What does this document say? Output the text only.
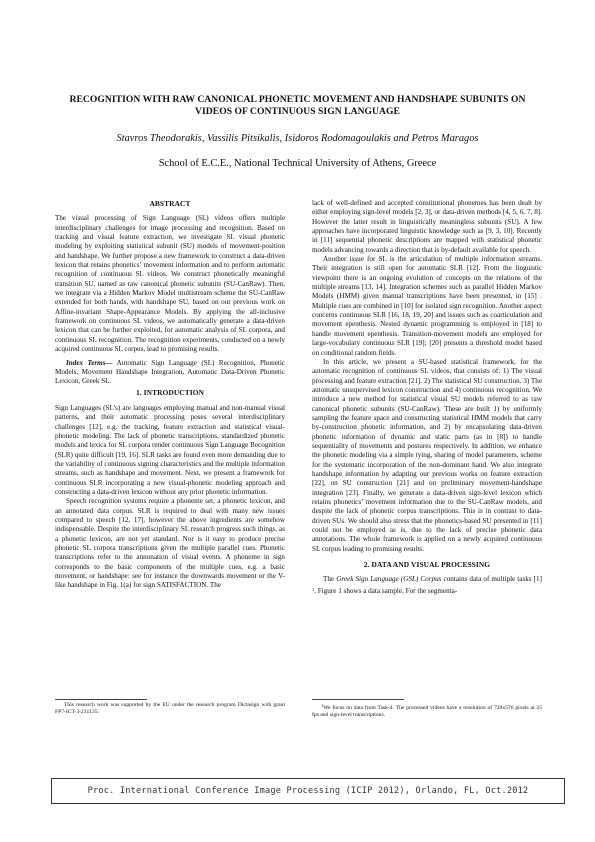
RECOGNITION WITH RAW CANONICAL PHONETIC MOVEMENT AND HANDSHAPE SUBUNITS ON VIDEOS OF CONTINUOUS SIGN LANGUAGE

Stavros Theodorakis, Vassilis Pitsikalis, Isidoros Rodomagoulakis and Petros Maragos

School of E.C.E., National Technical University of Athens, Greece

ABSTRACT

The visual processing of Sign Language (SL) videos offers multiple interdisciplinary challenges for image processing and recognition. Based on tracking and visual feature extraction, we investigate SL visual phonetic modeling by exploiting statistical subunit (SU) models of movement-position and handshape. We further propose a new framework to construct a data-driven lexicon that retains phonetics’ movement information and to perform automatic recognition of continuous SL videos. We construct phonetically meaningful transition SU, named as raw canonical phonetic subunits (SU-CanRaw). Then, we integrate via a Hidden Markov Model multistream scheme the SU-CanRaw extended for both hands, with handshape SU, based on our previous work on Affine-invariant Shape-Appearance Models. By applying the all-inclusive framework on continuous SL videos, we automatically generate a data-driven lexicon that can be further exploited, for automatic analysis of SL corpora, and continuous SL recognition. The recognition experiments, conducted on a newly acquired continuous SL corpus, lead to promising results.

Index Terms— Automatic Sign Language (SL) Recognition, Phonetic Models, Movement Handshape Integration, Automatic Data-Driven Phonetic Lexicon, Greek SL.

1. INTRODUCTION

Sign Languages (SL’s) are languages employing manual and non-manual visual patterns, and their automatic processing poses several interdisciplinary challenges [12], e.g. the tracking, feature extraction and statistical visual-phonetic modeling. The lack of phonetic transcriptions, standardized phonetic models and lexica for SL corpora render continuous Sign Language Recognition (SLR) quite difficult [19, 16]. SLR tasks are found even more demanding due to the variability of continuous signing characteristics and the multiple information streams, such as handshape and movement. Next, we present a framework for continuous SLR incorporating a new visual-phonetic modeling approach and constructing a data-driven lexicon without any prior phonetic information.

Speech recognition systems require a phoneme set, a phonetic lexicon, and an annotated data corpus. SLR is required to deal with many new issues compared to speech [12, 17], however the above ingredients are somehow indispensable. Despite the interdisciplinary SL research progress such things, as a phonetic lexicon, are not yet standard. Nor is it easy to produce precise phonetic SL corpora transcriptions given the multiple parallel cues. Phonetic transcriptions refer to the annonation of visual events. A phoneme in sign corresponds to the basic components of the multiple cues, e.g. a basic movement, or handshape: see for instance the downwards movement or the V-like handshape in Fig. 1(a) for sign SATISFACTION. The

lack of well-defined and accepted constitutional phonemes has been dealt by either employing sign-level models [2, 3], or data-driven methods [4, 5, 6, 7, 8]. However the latter result in linguistically meaningless subunits (SU). A few approaches have incorporated linguistic knowledge such as [9, 3, 10]. Recently in [11] sequential phonetic descriptions are mapped with statistical phonetic models advancing towards a direction that is by-default available for speech.

Another issue for SL is the articulation of multiple information streams. Their integration is still open for automatic SLR [12]. From the linguistic viewpoint there is an ongoing evolution of concepts on the relations of the multiple streams [13, 14]. Integration schemes such as parallel Hidden Markov Models (HMM) given manual transcriptions have been presented, in [15] . Multiple cues are combined in [10] for isolated sign recognition. Another aspect concerns continuous SLR [16, 18, 19, 20] and issues such as coarticulation and movement epenthesis. Nested dynamic programming is employed in [18] to handle movement epenthesis. Transition-movement models are employed for large-vocabulary continuous SLR [19]; [20] presents a threshold model based on conditional random fields.

In this article, we present a SU-based statistical framework, for the automatic recognition of continuous SL videos, that consists of: 1) The visual processing and feature extraction [21]. 2) The statistical SU construction. 3) The automatic unsupervised lexicon construction and 4) continuous recognition. We introduce a new method for statistical visual SU models referred to as raw canonical phonetic subunits (SU-CanRaw). These are built 1) by uniformly sampling the feature space and constructing statistical HMM models that carry by-construction phonetic information, and 2) by encapsulating data-driven phonetic information of dynamic and static parts (as in [8]) to handle sequentiality of movements and postures respectively. In addition, we enhance the phonetic modeling via a simple tying, sharing of model parameters, scheme for the systematic incorporation of the non-dominant hand. We also integrate handshape information by adapting our previous works on feature extraction [22], on SU construction [21] and on preliminary movement-handshape integration [23]. Finally, we generate a data-driven sign-level lexicon which retains phonetics’ movement information due to the SU-CanRaw models, and despite the lack of phonetic corpus transcriptions. This is in contrast to data-driven SUs. We should also stress that the phonetics-based SU presented in [11] could not be employed as is, due to the lack of precise phonetic data annotations. The whole framework is applied on a newly acquired continuous SL corpus leading to promising results.

2. DATA AND VISUAL PROCESSING

The Greek Sign Language (GSL) Corpus contains data of multiple tasks [1] $^1$. Figure 1 shows a data sample. For the segmenta-

This research work was supported by the EU under the research program Dictasign with grant FP7-ICT-3-231135.

$^1$We focus on data from Task-4. The processed videos have a resolution of 720x576 pixels at 25 fps and sign-level transcriptions.

Proc. International Conference Image Processing (ICIP 2012), Orlando, FL, Oct.2012
